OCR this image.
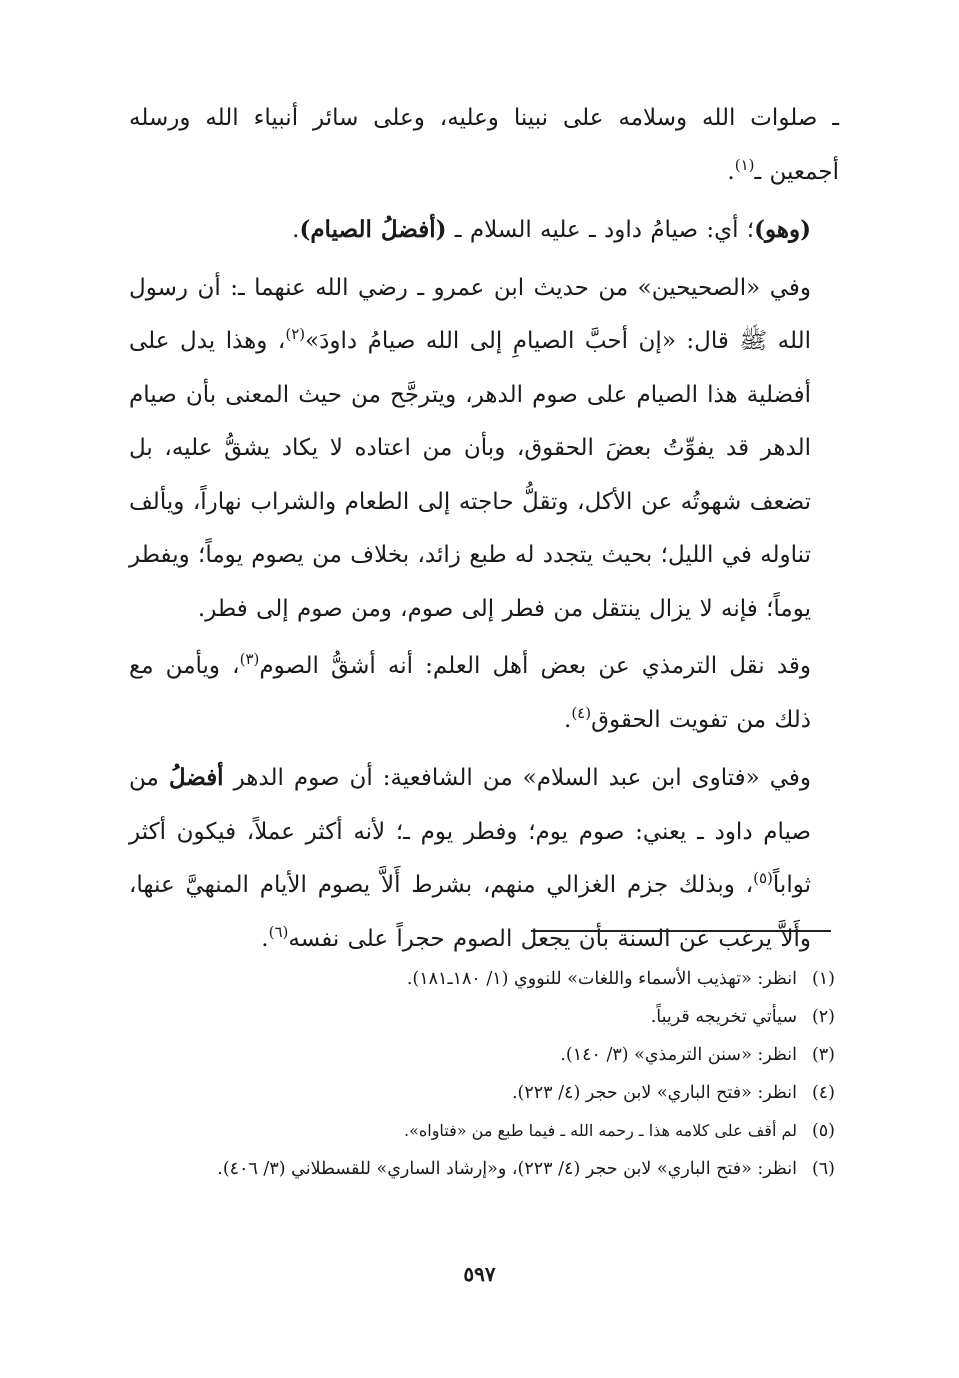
ـ صلوات الله وسلامه على نبينا وعليه، وعلى سائر أنبياء الله ورسله أجمعين ـ$^{(١)}$.

(وهو)؛ أي: صيامُ داود ـ عليه السلام ـ (أفضلُ الصيام).

وفي «الصحيحين» من حديث ابن عمرو ـ رضي الله عنهما ـ: أن رسول الله ﷺ قال: «إن أحبَّ الصيامِ إلى الله صيامُ داودَ»$^{(٢)}$، وهذا يدل على أفضلية هذا الصيام على صوم الدهر، ويترجَّح من حيث المعنى بأن صيام الدهر قد يفوِّتُ بعضَ الحقوق، وبأن من اعتاده لا يكاد يشقُّ عليه، بل تضعف شهوتُه عن الأكل، وتقلُّ حاجته إلى الطعام والشراب نهاراً، ويألف تناوله في الليل؛ بحيث يتجدد له طبع زائد، بخلاف من يصوم يوماً؛ ويفطر يوماً؛ فإنه لا يزال ينتقل من فطر إلى صوم، ومن صوم إلى فطر.

وقد نقل الترمذي عن بعض أهل العلم: أنه أشقُّ الصوم$^{(٣)}$، ويأمن مع ذلك من تفويت الحقوق$^{(٤)}$.

وفي «فتاوى ابن عبد السلام» من الشافعية: أن صوم الدهر أفضلُ من صيام داود ـ يعني: صوم يوم؛ وفطر يوم ـ؛ لأنه أكثر عملاً، فيكون أكثر ثواباً$^{(٥)}$، وبذلك جزم الغزالي منهم، بشرط أَلاَّ يصوم الأيام المنهيَّ عنها، وأَلاَّ يرغب عن السنة بأن يجعل الصوم حجراً على نفسه$^{(٦)}$.

(١)
انظر: «تهذيب الأسماء واللغات» للنووي (١/ ١٨٠ـ١٨١).
(٢)
سيأتي تخريجه قريباً.
(٣)
انظر: «سنن الترمذي» (٣/ ١٤٠).
(٤)
انظر: «فتح الباري» لابن حجر (٤/ ٢٢٣).
(٥)
لم أقف على كلامه هذا ـ رحمه الله ـ فيما طبع من «فتاواه».
(٦)
انظر: «فتح الباري» لابن حجر (٤/ ٢٢٣)، و«إرشاد الساري» للقسطلاني (٣/ ٤٠٦).
٥٩٧
